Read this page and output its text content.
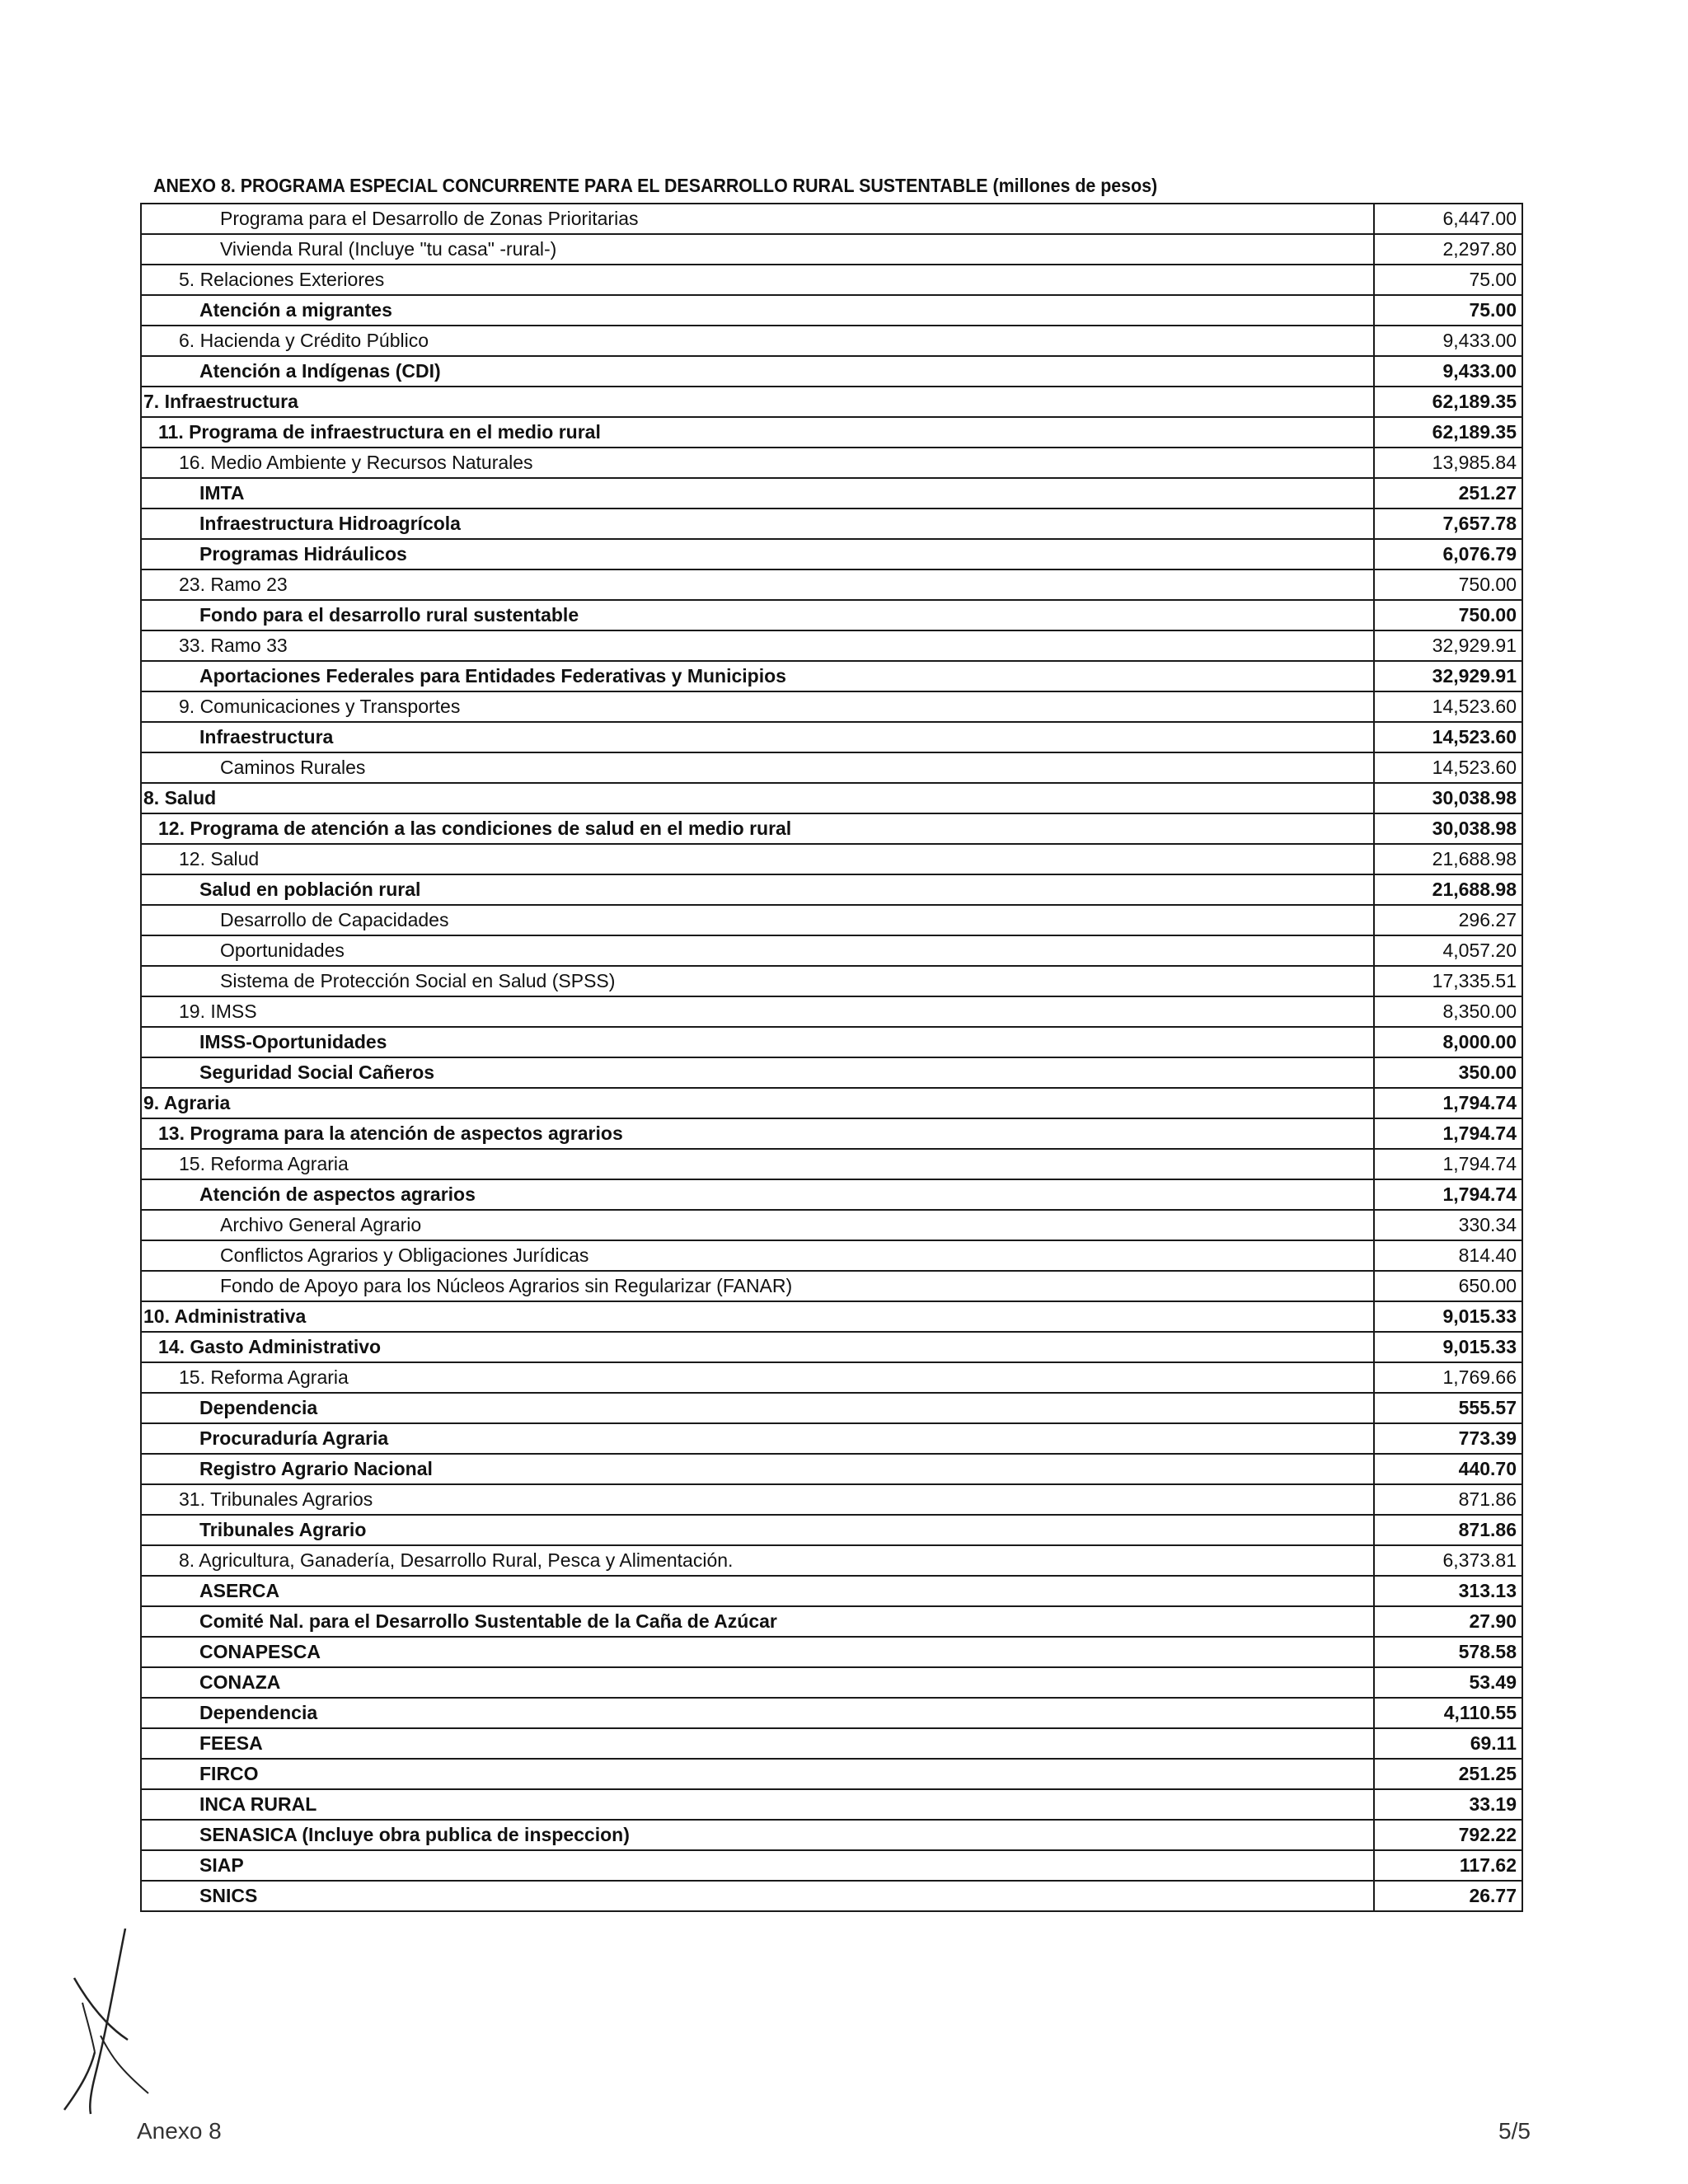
ANEXO 8. PROGRAMA ESPECIAL CONCURRENTE PARA EL DESARROLLO RURAL SUSTENTABLE (millones de pesos)
Programa para el Desarrollo de Zonas Prioritarias	6,447.00
Vivienda Rural (Incluye "tu casa" -rural-)	2,297.80
5. Relaciones Exteriores	75.00
Atención a migrantes	75.00
6. Hacienda y Crédito Público	9,433.00
Atención a Indígenas (CDI)	9,433.00
7. Infraestructura	62,189.35
11. Programa de infraestructura en el medio rural	62,189.35
16. Medio Ambiente y Recursos Naturales	13,985.84
IMTA	251.27
Infraestructura Hidroagrícola	7,657.78
Programas Hidráulicos	6,076.79
23. Ramo 23	750.00
Fondo para el desarrollo rural sustentable	750.00
33. Ramo 33	32,929.91
Aportaciones Federales para Entidades Federativas y Municipios	32,929.91
9. Comunicaciones y Transportes	14,523.60
Infraestructura	14,523.60
Caminos Rurales	14,523.60
8. Salud	30,038.98
12. Programa de atención a las condiciones de salud en el medio rural	30,038.98
12. Salud	21,688.98
Salud en población rural	21,688.98
Desarrollo de Capacidades	296.27
Oportunidades	4,057.20
Sistema de Protección Social en Salud (SPSS)	17,335.51
19. IMSS	8,350.00
IMSS-Oportunidades	8,000.00
Seguridad Social Cañeros	350.00
9. Agraria	1,794.74
13. Programa para la atención de aspectos agrarios	1,794.74
15. Reforma Agraria	1,794.74
Atención de aspectos agrarios	1,794.74
Archivo General Agrario	330.34
Conflictos Agrarios y Obligaciones Jurídicas	814.40
Fondo de Apoyo para los Núcleos Agrarios sin Regularizar (FANAR)	650.00
10. Administrativa	9,015.33
14. Gasto Administrativo	9,015.33
15. Reforma Agraria	1,769.66
Dependencia	555.57
Procuraduría Agraria	773.39
Registro Agrario Nacional	440.70
31. Tribunales Agrarios	871.86
Tribunales Agrario	871.86
8. Agricultura, Ganadería, Desarrollo Rural, Pesca y Alimentación.	6,373.81
ASERCA	313.13
Comité Nal. para el Desarrollo Sustentable de la Caña de Azúcar	27.90
CONAPESCA	578.58
CONAZA	53.49
Dependencia	4,110.55
FEESA	69.11
FIRCO	251.25
INCA RURAL	33.19
SENASICA (Incluye obra publica de inspeccion)	792.22
SIAP	117.62
SNICS	26.77
Anexo 8	5/5
